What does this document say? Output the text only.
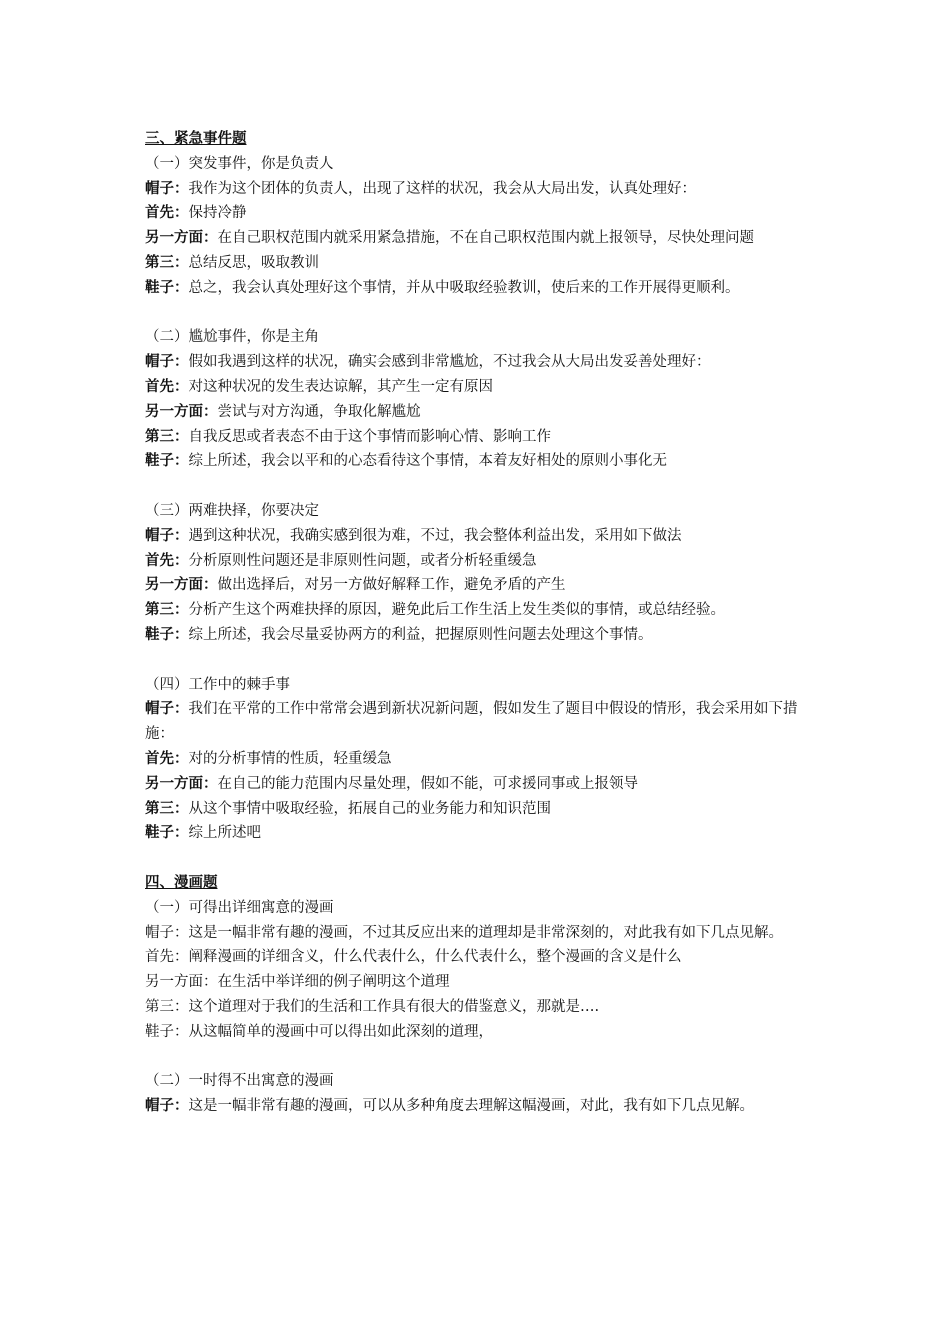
三、紧急事件题

（一）突发事件，你是负责人

帽子：我作为这个团体的负责人，出现了这样的状况，我会从大局出发，认真处理好：

首先：保持冷静

另一方面：在自己职权范围内就采用紧急措施，不在自己职权范围内就上报领导，尽快处理问题

第三：总结反思，吸取教训

鞋子：总之，我会认真处理好这个事情，并从中吸取经验教训，使后来的工作开展得更顺利。

（二）尴尬事件，你是主角

帽子：假如我遇到这样的状况，确实会感到非常尴尬，不过我会从大局出发妥善处理好：

首先：对这种状况的发生表达谅解，其产生一定有原因

另一方面：尝试与对方沟通，争取化解尴尬

第三：自我反思或者表态不由于这个事情而影响心情、影响工作

鞋子：综上所述，我会以平和的心态看待这个事情，本着友好相处的原则小事化无

（三）两难抉择，你要决定

帽子：遇到这种状况，我确实感到很为难，不过，我会整体利益出发，采用如下做法

首先：分析原则性问题还是非原则性问题，或者分析轻重缓急

另一方面：做出选择后，对另一方做好解释工作，避免矛盾的产生

第三：分析产生这个两难抉择的原因，避免此后工作生活上发生类似的事情，或总结经验。

鞋子：综上所述，我会尽量妥协两方的利益，把握原则性问题去处理这个事情。

（四）工作中的棘手事

帽子：我们在平常的工作中常常会遇到新状况新问题，假如发生了题目中假设的情形，我会采用如下措施：

首先：对的分析事情的性质，轻重缓急

另一方面：在自己的能力范围内尽量处理，假如不能，可求援同事或上报领导

第三：从这个事情中吸取经验，拓展自己的业务能力和知识范围

鞋子：综上所述吧

四、漫画题

（一）可得出详细寓意的漫画

帽子：这是一幅非常有趣的漫画，不过其反应出来的道理却是非常深刻的，对此我有如下几点见解。

首先：阐释漫画的详细含义，什么代表什么，什么代表什么，整个漫画的含义是什么

另一方面：在生活中举详细的例子阐明这个道理

第三：这个道理对于我们的生活和工作具有很大的借鉴意义，那就是….

鞋子：从这幅简单的漫画中可以得出如此深刻的道理，

（二）一时得不出寓意的漫画

帽子：这是一幅非常有趣的漫画，可以从多种角度去理解这幅漫画，对此，我有如下几点见解。
